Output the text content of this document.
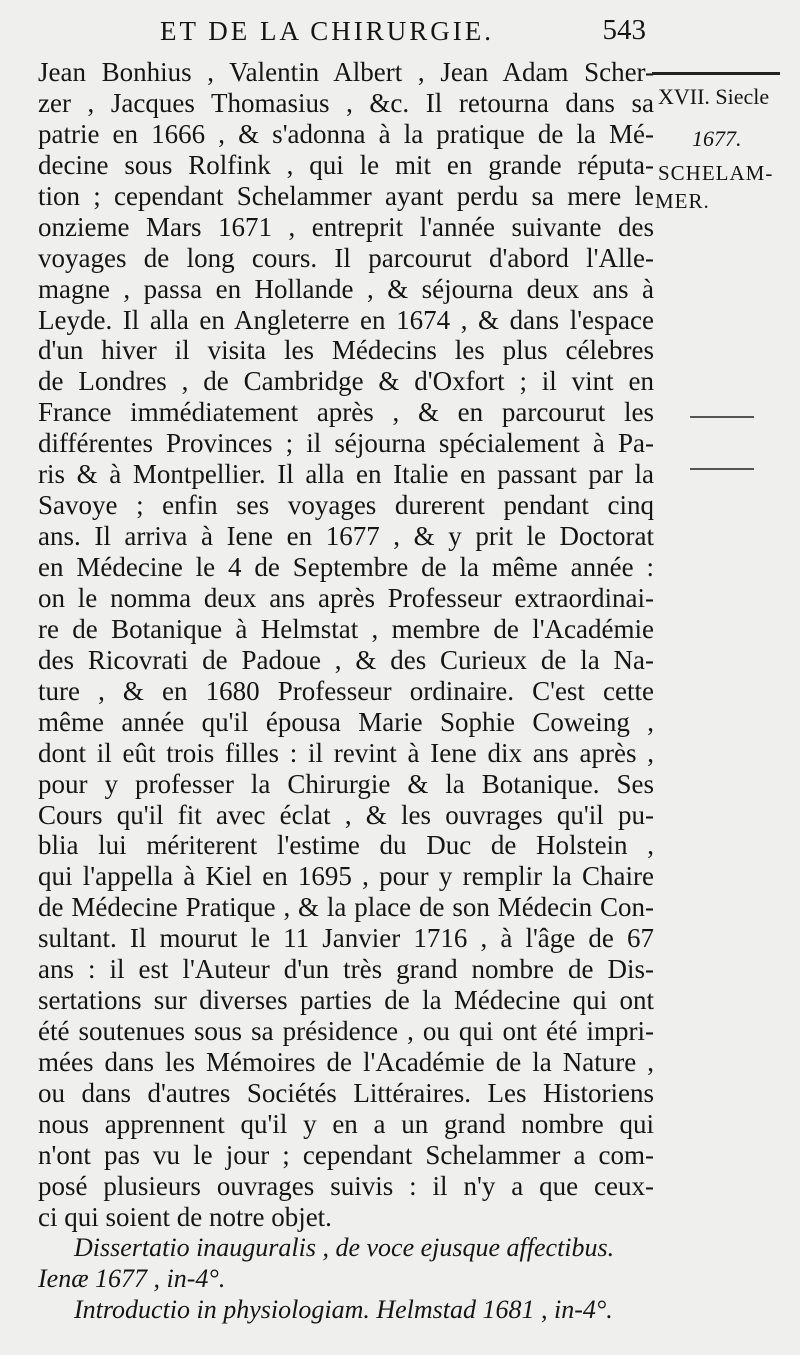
ET DE LA CHIRURGIE.	543
Jean Bonhius , Valentin Albert , Jean Adam Scher-
zer , Jacques Thomasius , &c. Il retourna dans sa
patrie en 1666 , & s'adonna à la pratique de la Mé-
decine sous Rolfink , qui le mit en grande réputa-
tion ; cependant Schelammer ayant perdu sa mere le
onzieme Mars 1671 , entreprit l'année suivante des
voyages de long cours. Il parcourut d'abord l'Alle-
magne , passa en Hollande , & séjourna deux ans à
Leyde. Il alla en Angleterre en 1674 , & dans l'espace
d'un hiver il visita les Médecins les plus célebres
de Londres , de Cambridge & d'Oxfort ; il vint en
France immédiatement après , & en parcourut les
différentes Provinces ; il séjourna spécialement à Pa-
ris & à Montpellier. Il alla en Italie en passant par la
Savoye ; enfin ses voyages durerent pendant cinq
ans. Il arriva à Iene en 1677 , & y prit le Doctorat
en Médecine le 4 de Septembre de la même année :
on le nomma deux ans après Professeur extraordinai-
re de Botanique à Helmstat , membre de l'Académie
des Ricovrati de Padoue , & des Curieux de la Na-
ture , & en 1680 Professeur ordinaire. C'est cette
même année qu'il épousa Marie Sophie Coweing ,
dont il eût trois filles : il revint à Iene dix ans après ,
pour y professer la Chirurgie & la Botanique. Ses
Cours qu'il fit avec éclat , & les ouvrages qu'il pu-
blia lui mériterent l'estime du Duc de Holstein ,
qui l'appella à Kiel en 1695 , pour y remplir la Chaire
de Médecine Pratique , & la place de son Médecin Con-
sultant. Il mourut le 11 Janvier 1716 , à l'âge de 67
ans : il est l'Auteur d'un très grand nombre de Dis-
sertations sur diverses parties de la Médecine qui ont
été soutenues sous sa présidence , ou qui ont été impri-
mées dans les Mémoires de l'Académie de la Nature ,
ou dans d'autres Sociétés Littéraires. Les Historiens
nous apprennent qu'il y en a un grand nombre qui
n'ont pas vu le jour ; cependant Schelammer a com-
posé plusieurs ouvrages suivis : il n'y a que ceux-
ci qui soient de notre objet.
Dissertatio inauguralis , de voce ejusque affectibus.
Ienæ 1677 , in-4°.
Introductio in physiologiam. Helmstad 1681 , in-4°.
XVII. Siecle
1677.
SCHELAM-
MER.
